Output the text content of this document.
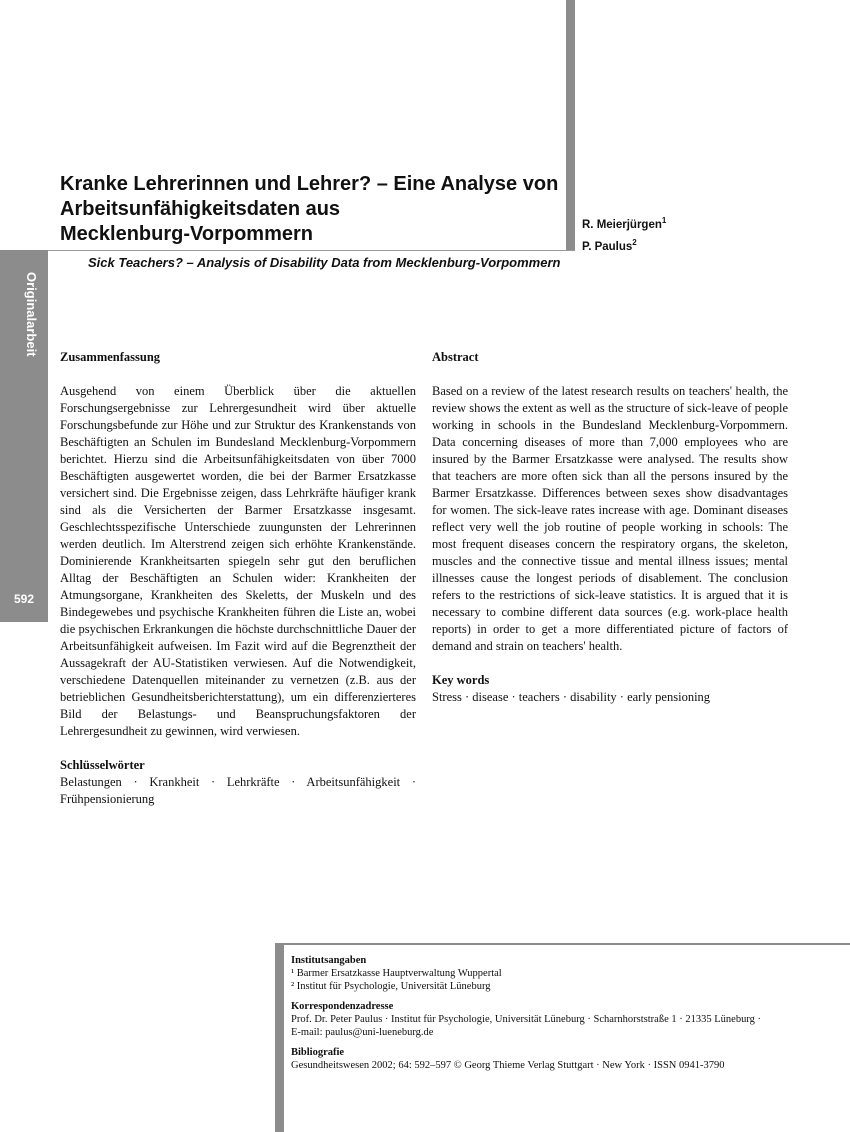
Kranke Lehrerinnen und Lehrer? – Eine Analyse von
Arbeitsunfähigkeitsdaten aus
Mecklenburg-Vorpommern	R. Meierjürgen$^1$
P. Paulus$^2$
Originalarbeit
592
Sick Teachers? – Analysis of Disability Data from Mecklenburg-Vorpommern
Zusammenfassung

Ausgehend von einem Überblick über die aktuellen Forschungsergebnisse zur Lehrergesundheit wird über aktuelle Forschungsbefunde zur Höhe und zur Struktur des Krankenstands von Beschäftigten an Schulen im Bundesland Mecklenburg-Vorpommern berichtet. Hierzu sind die Arbeitsunfähigkeitsdaten von über 7000 Beschäftigten ausgewertet worden, die bei der Barmer Ersatzkasse versichert sind. Die Ergebnisse zeigen, dass Lehrkräfte häufiger krank sind als die Versicherten der Barmer Ersatzkasse insgesamt. Geschlechtsspezifische Unterschiede zuungunsten der Lehrerinnen werden deutlich. Im Alterstrend zeigen sich erhöhte Krankenstände. Dominierende Krankheitsarten spiegeln sehr gut den beruflichen Alltag der Beschäftigten an Schulen wider: Krankheiten der Atmungsorgane, Krankheiten des Skeletts, der Muskeln und des Bindegewebes und psychische Krankheiten führen die Liste an, wobei die psychischen Erkrankungen die höchste durchschnittliche Dauer der Arbeitsunfähigkeit aufweisen. Im Fazit wird auf die Begrenztheit der Aussagekraft der AU-Statistiken verwiesen. Auf die Notwendigkeit, verschiedene Datenquellen miteinander zu vernetzen (z.B. aus der betrieblichen Gesundheitsberichterstattung), um ein differenzierteres Bild der Belastungs- und Beanspruchungsfaktoren der Lehrergesundheit zu gewinnen, wird verwiesen.

Schlüsselwörter

Belastungen · Krankheit · Lehrkräfte · Arbeitsunfähigkeit · Frühpensionierung

Abstract

Based on a review of the latest research results on teachers' health, the review shows the extent as well as the structure of sick-leave of people working in schools in the Bundesland Mecklenburg-Vorpommern. Data concerning diseases of more than 7,000 employees who are insured by the Barmer Ersatzkasse were analysed. The results show that teachers are more often sick than all the persons insured by the Barmer Ersatzkasse. Differences between sexes show disadvantages for women. The sick-leave rates increase with age. Dominant diseases reflect very well the job routine of people working in schools: The most frequent diseases concern the respiratory organs, the skeleton, muscles and the connective tissue and mental illness issues; mental illnesses cause the longest periods of disablement. The conclusion refers to the restrictions of sick-leave statistics. It is argued that it is necessary to combine different data sources (e.g. work-place health reports) in order to get a more differentiated picture of factors of demand and strain on teachers' health.

Key words

Stress · disease · teachers · disability · early pensioning

Institutsangaben
¹ Barmer Ersatzkasse Hauptverwaltung Wuppertal
² Institut für Psychologie, Universität Lüneburg
Korrespondenzadresse
Prof. Dr. Peter Paulus · Institut für Psychologie, Universität Lüneburg · Scharnhorststraße 1 · 21335 Lüneburg ·
E-mail: paulus@uni-lueneburg.de
Bibliografie
Gesundheitswesen 2002; 64: 592–597 © Georg Thieme Verlag Stuttgart · New York · ISSN 0941-3790
